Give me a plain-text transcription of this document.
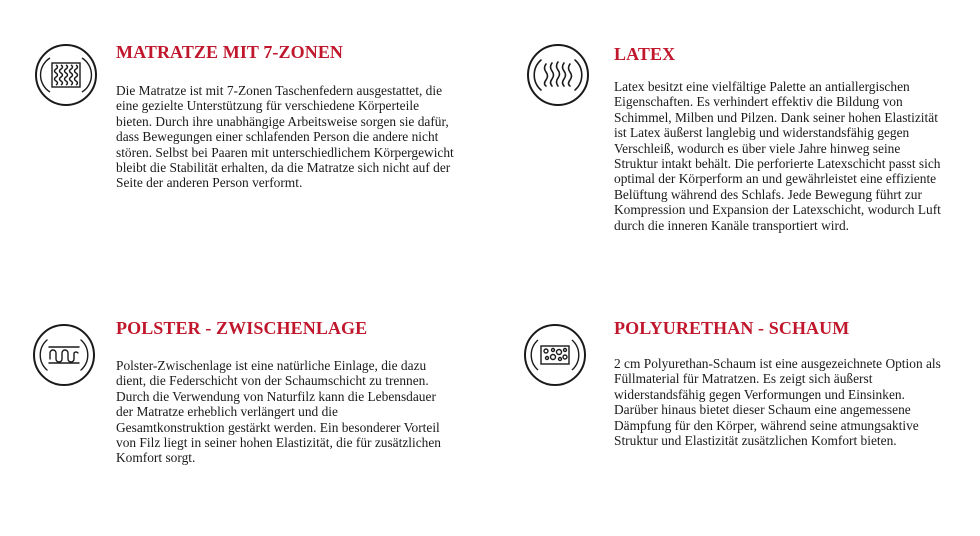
MATRATZE MIT 7-ZONEN

Die Matratze ist mit 7-Zonen Taschenfedern ausgestattet, die eine gezielte Unterstützung für verschiedene Körperteile bieten. Durch ihre unabhängige Arbeitsweise sorgen sie dafür, dass Bewegungen einer schlafenden Person die andere nicht stören. Selbst bei Paaren mit unterschiedlichem Körpergewicht bleibt die Stabilität erhalten, da die Matratze sich nicht auf der Seite der anderen Person verformt.

LATEX

Latex besitzt eine vielfältige Palette an antiallergischen Eigenschaften. Es verhindert effektiv die Bildung von Schimmel, Milben und Pilzen. Dank seiner hohen Elastizität ist Latex äußerst langlebig und widerstandsfähig gegen Verschleiß, wodurch es über viele Jahre hinweg seine Struktur intakt behält. Die perforierte Latexschicht passt sich optimal der Körperform an und gewährleistet eine effiziente Belüftung während des Schlafs. Jede Bewegung führt zur Kompression und Expansion der Latexschicht, wodurch Luft durch die inneren Kanäle transportiert wird.

POLSTER - ZWISCHENLAGE

Polster-Zwischenlage ist eine natürliche Einlage, die dazu dient, die Federschicht von der Schaumschicht zu trennen. Durch die Verwendung von Naturfilz kann die Lebensdauer der Matratze erheblich verlängert und die Gesamtkonstruktion gestärkt werden. Ein besonderer Vorteil von Filz liegt in seiner hohen Elastizität, die für zusätzlichen Komfort sorgt.

POLYURETHAN - SCHAUM

2 cm Polyurethan-Schaum ist eine ausgezeichnete Option als Füllmaterial für Matratzen. Es zeigt sich äußerst widerstandsfähig gegen Verformungen und Einsinken. Darüber hinaus bietet dieser Schaum eine angemessene Dämpfung für den Körper, während seine atmungsaktive Struktur und Elastizität zusätzlichen Komfort bieten.
